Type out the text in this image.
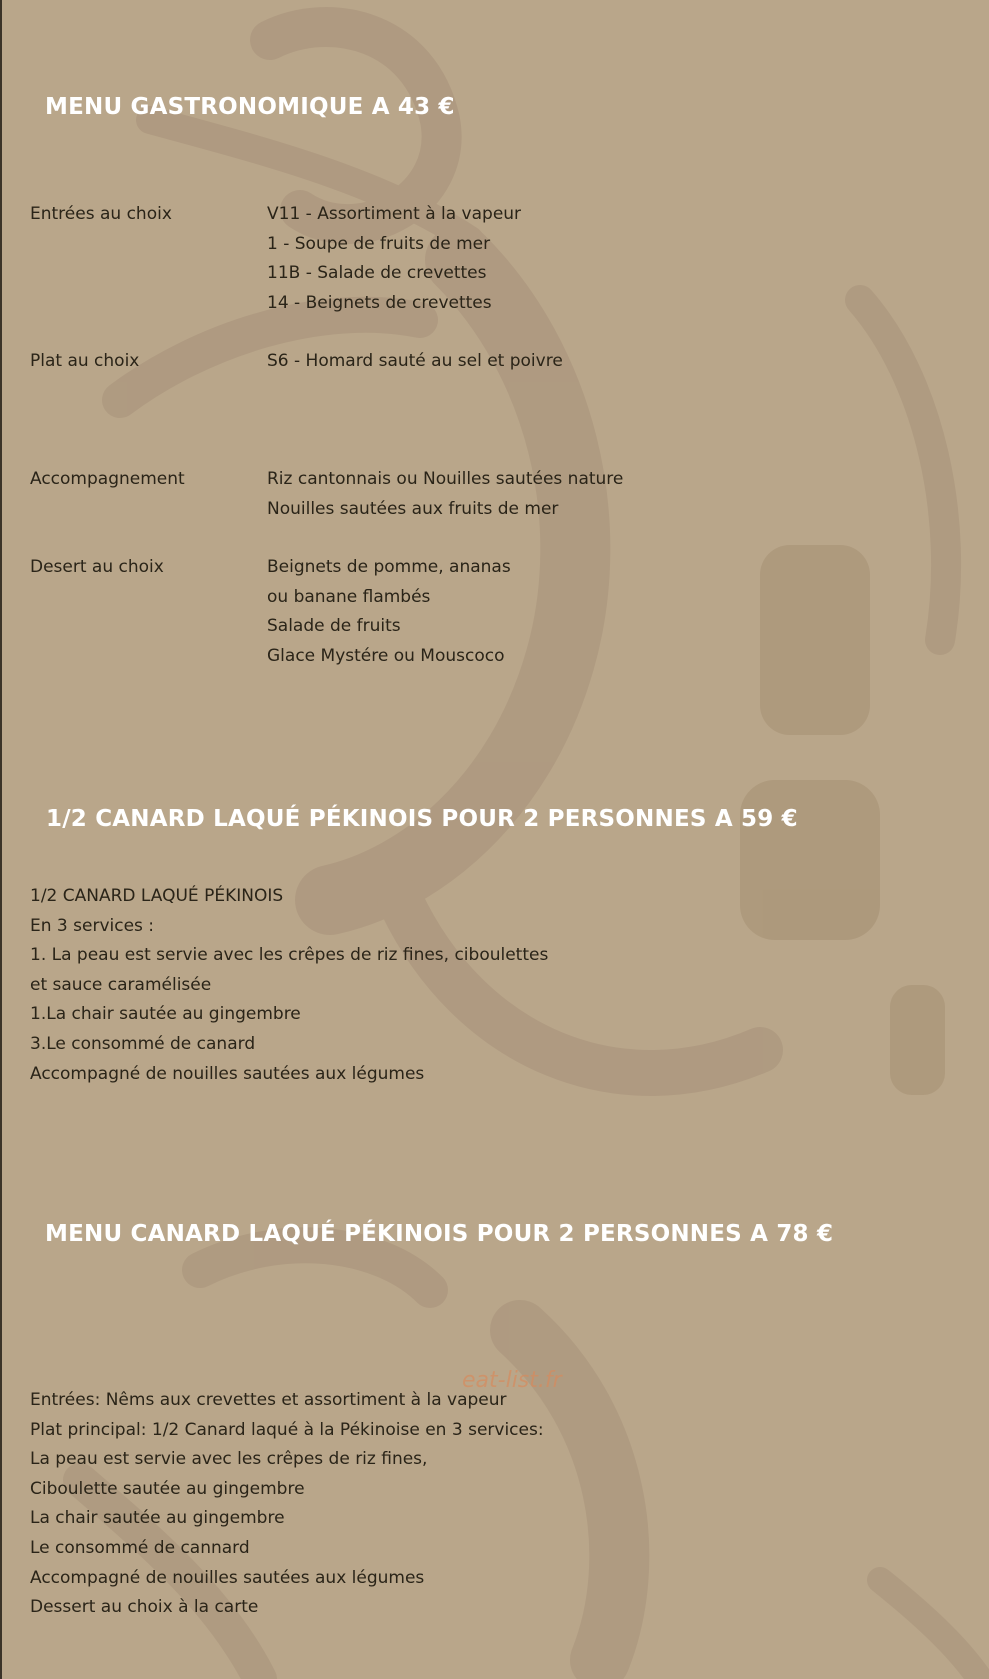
MENU GASTRONOMIQUE A 43 €
Entrées au choix	V11 - Assortiment à la vapeur
1 - Soupe de fruits de mer
11B - Salade de crevettes
14 - Beignets de crevettes
Plat au choix	S6 - Homard sauté au sel et poivre
Accompagnement	Riz cantonnais ou Nouilles sautées nature
Nouilles sautées aux fruits de mer
Desert au choix	Beignets de pomme, ananas
ou banane flambés
Salade de fruits
Glace Mystére ou Mouscoco
1/2 CANARD LAQUÉ PÉKINOIS POUR 2 PERSONNES A 59 €
1/2 CANARD LAQUÉ PÉKINOIS
En 3 services :
1. La peau est servie avec les crêpes de riz fines, ciboulettes
et sauce caramélisée
1.La chair sautée au gingembre
3.Le consommé de canard
Accompagné de nouilles sautées aux légumes
MENU CANARD LAQUÉ PÉKINOIS POUR 2 PERSONNES A 78 €
eat-list.fr
Entrées: Nêms aux crevettes et assortiment à la vapeur
Plat principal: 1/2 Canard laqué à la Pékinoise en 3 services:
La peau est servie avec les crêpes de riz fines,
Ciboulette sautée au gingembre
La chair sautée au gingembre
Le consommé de cannard
Accompagné de nouilles sautées aux légumes
Dessert au choix à la carte
